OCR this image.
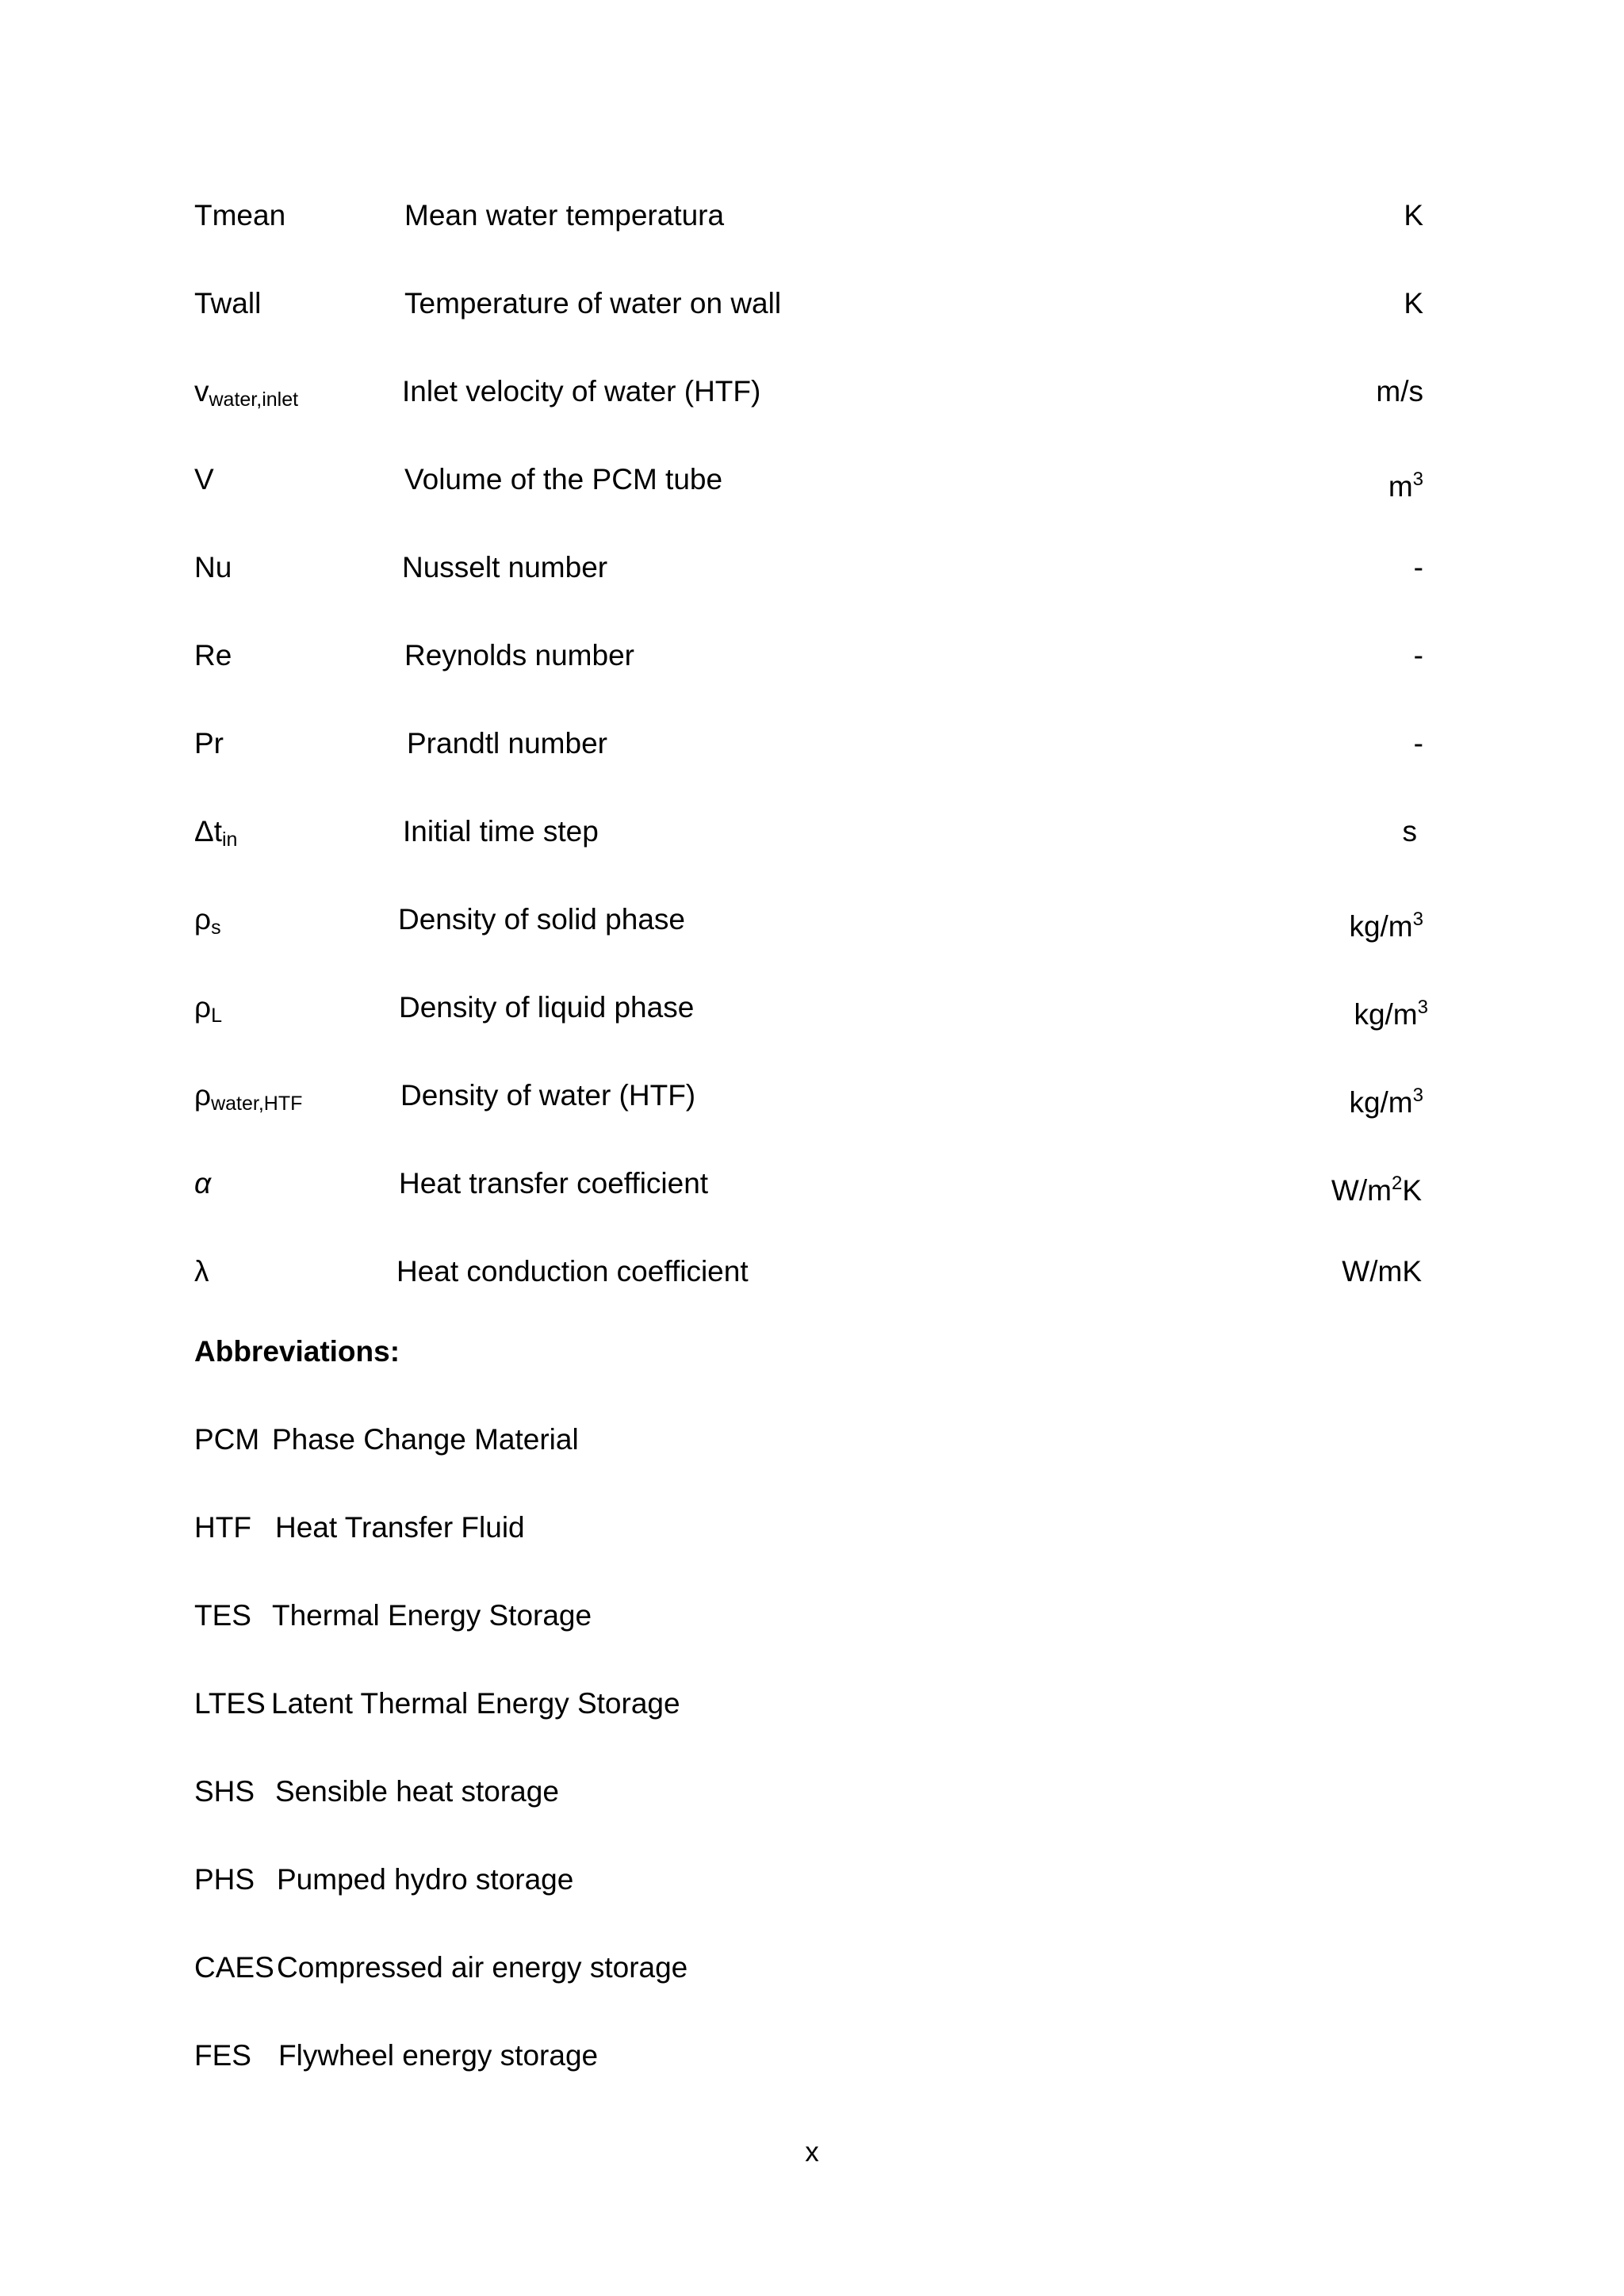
Tmean	Mean water temperatura	K
Twall	Temperature of water on wall	K
$v_{water,inlet}$	Inlet velocity of water (HTF)	m/s
V	Volume of the PCM tube	$m^3$
Nu	Nusselt number	-
Re	Reynolds number	-
Pr	Prandtl number	-
$\Delta t_{in}$	Initial time step	s
$\rho_s$	Density of solid phase	$kg/m^3$
$\rho_L$	Density of liquid phase	$kg/m^3$
$\rho_{water,HTF}$	Density of water (HTF)	$kg/m^3$
α	Heat transfer coefficient	$W/m^2K$
λ	Heat conduction coefficient	W/mK
Abbreviations:
PCM Phase Change Material
HTF Heat Transfer Fluid
TES Thermal Energy Storage
LTES Latent Thermal Energy Storage
SHS Sensible heat storage
PHS Pumped hydro storage
CAES Compressed air energy storage
FES Flywheel energy storage
x
